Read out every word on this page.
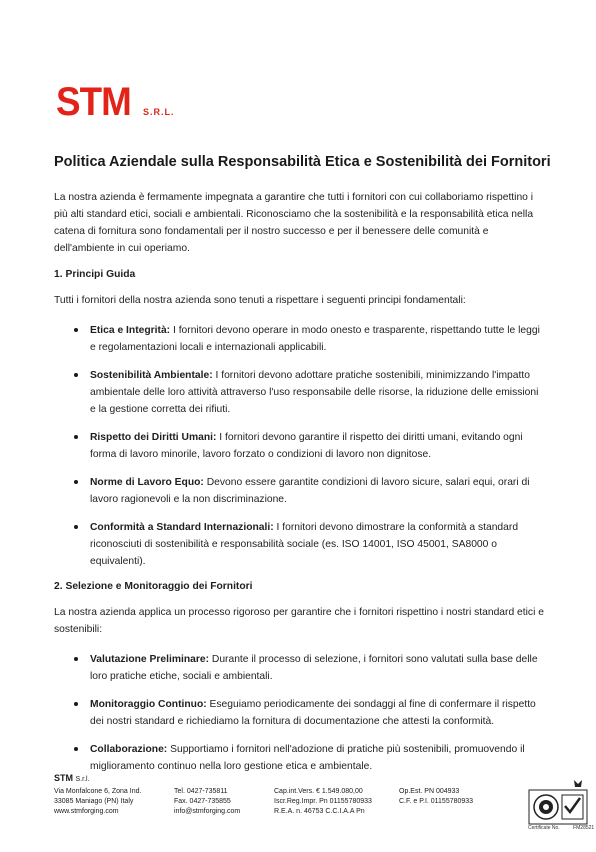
STM S.R.L.
Politica Aziendale sulla Responsabilità Etica e Sostenibilità dei Fornitori

La nostra azienda è fermamente impegnata a garantire che tutti i fornitori con cui collaboriamo rispettino i più alti standard etici, sociali e ambientali. Riconosciamo che la sostenibilità e la responsabilità etica nella catena di fornitura sono fondamentali per il nostro successo e per il benessere delle comunità e dell'ambiente in cui operiamo.

1. Principi Guida

Tutti i fornitori della nostra azienda sono tenuti a rispettare i seguenti principi fondamentali:

Etica e Integrità: I fornitori devono operare in modo onesto e trasparente, rispettando tutte le leggi e regolamentazioni locali e internazionali applicabili.
Sostenibilità Ambientale: I fornitori devono adottare pratiche sostenibili, minimizzando l'impatto ambientale delle loro attività attraverso l'uso responsabile delle risorse, la riduzione delle emissioni e la gestione corretta dei rifiuti.
Rispetto dei Diritti Umani: I fornitori devono garantire il rispetto dei diritti umani, evitando ogni forma di lavoro minorile, lavoro forzato o condizioni di lavoro non dignitose.
Norme di Lavoro Equo: Devono essere garantite condizioni di lavoro sicure, salari equi, orari di lavoro ragionevoli e la non discriminazione.
Conformità a Standard Internazionali: I fornitori devono dimostrare la conformità a standard riconosciuti di sostenibilità e responsabilità sociale (es. ISO 14001, ISO 45001, SA8000 o equivalenti).

2. Selezione e Monitoraggio dei Fornitori

La nostra azienda applica un processo rigoroso per garantire che i fornitori rispettino i nostri standard etici e sostenibili:

Valutazione Preliminare: Durante il processo di selezione, i fornitori sono valutati sulla base delle loro pratiche etiche, sociali e ambientali.
Monitoraggio Continuo: Eseguiamo periodicamente dei sondaggi al fine di confermare il rispetto dei nostri standard e richiediamo la fornitura di documentazione che attesti la conformità.
Collaborazione: Supportiamo i fornitori nell'adozione di pratiche più sostenibili, promuovendo il miglioramento continuo nella loro gestione etica e ambientale.
STM S.r.l.
Via Monfalcone 6, Zona Ind.
33085 Maniago (PN) Italy
www.stmforging.com
Tel. 0427-735811
Fax. 0427-735855
info@stmforging.com
Cap.int.Vers. € 1.549.080,00
Iscr.Reg.Impr. Pn 01155780933
R.E.A. n. 46753 C.C.I.A.A Pn
Op.Est. PN 004933
C.F. e P.I. 01155780933
Certificate No.	FM28521
